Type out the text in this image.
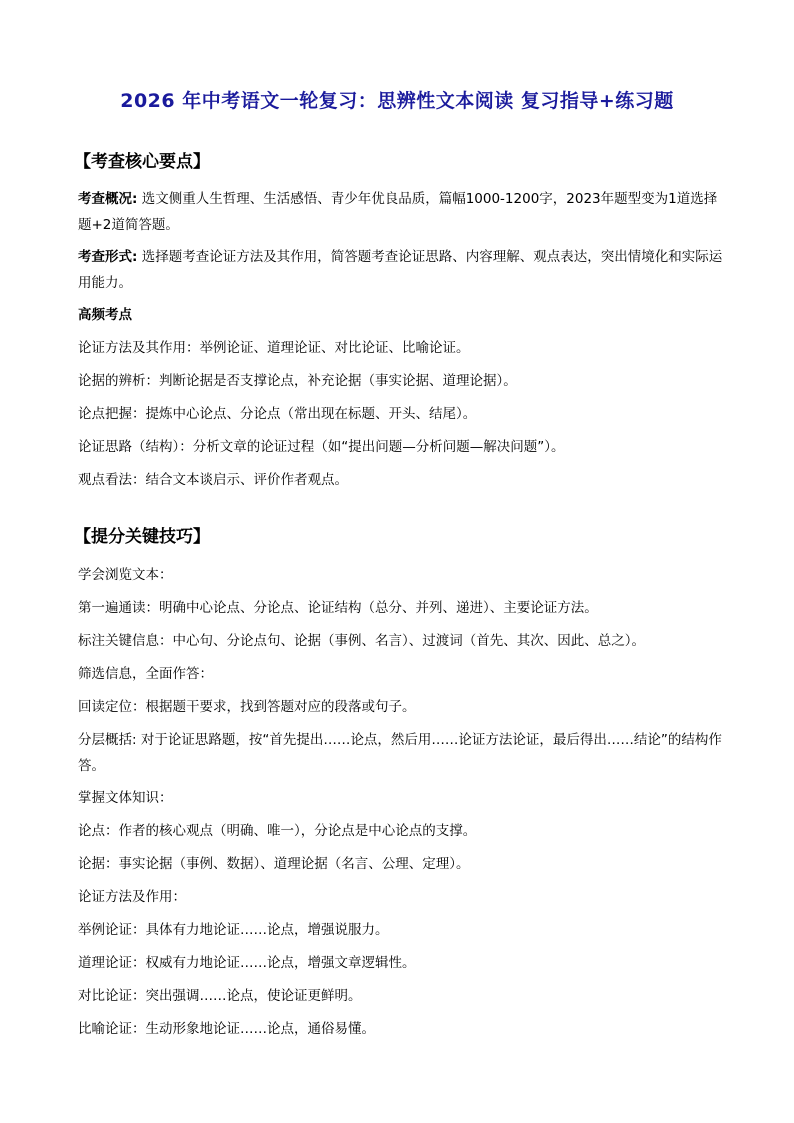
2026 年中考语文一轮复习：思辨性文本阅读 复习指导+练习题
【考查核心要点】
考查概况: 选文侧重人生哲理、生活感悟、青少年优良品质，篇幅1000-1200字，2023年题型变为1道选择题+2道简答题。
考查形式: 选择题考查论证方法及其作用，简答题考查论证思路、内容理解、观点表达，突出情境化和实际运用能力。
高频考点
论证方法及其作用：举例论证、道理论证、对比论证、比喻论证。
论据的辨析：判断论据是否支撑论点，补充论据（事实论据、道理论据）。
论点把握：提炼中心论点、分论点（常出现在标题、开头、结尾）。
论证思路（结构）：分析文章的论证过程（如“提出问题—分析问题—解决问题”）。
观点看法：结合文本谈启示、评价作者观点。
【提分关键技巧】
学会浏览文本：
第一遍通读：明确中心论点、分论点、论证结构（总分、并列、递进）、主要论证方法。
标注关键信息：中心句、分论点句、论据（事例、名言）、过渡词（首先、其次、因此、总之）。
筛选信息，全面作答：
回读定位：根据题干要求，找到答题对应的段落或句子。
分层概括: 对于论证思路题，按“首先提出……论点，然后用……论证方法论证，最后得出……结论”的结构作答。
掌握文体知识：
论点：作者的核心观点（明确、唯一），分论点是中心论点的支撑。
论据：事实论据（事例、数据）、道理论据（名言、公理、定理）。
论证方法及作用：
举例论证：具体有力地论证……论点，增强说服力。
道理论证：权威有力地论证……论点，增强文章逻辑性。
对比论证：突出强调……论点，使论证更鲜明。
比喻论证：生动形象地论证……论点，通俗易懂。
